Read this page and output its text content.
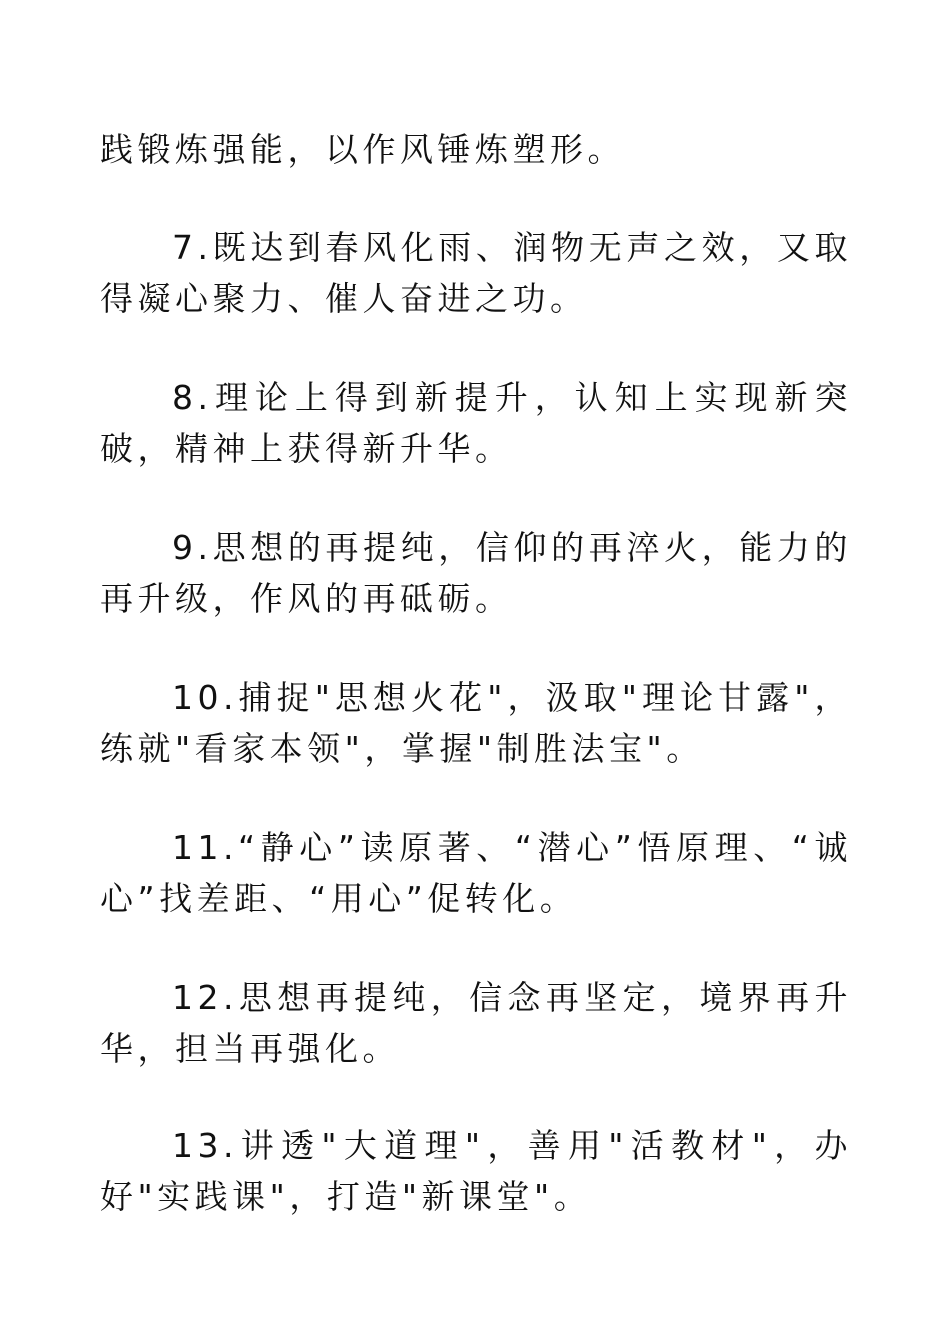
践锻炼强能，以作风锤炼塑形。

7.既达到春风化雨、润物无声之效，又取得凝心聚力、催人奋进之功。

8.理论上得到新提升，认知上实现新突破，精神上获得新升华。

9.思想的再提纯，信仰的再淬火，能力的再升级，作风的再砥砺。

10.捕捉"思想火花"，汲取"理论甘露"，练就"看家本领"，掌握"制胜法宝"。

11.“静心”读原著、“潜心”悟原理、“诚心”找差距、“用心”促转化。

12.思想再提纯，信念再坚定，境界再升华，担当再强化。

13.讲透"大道理"，善用"活教材"，办好"实践课"，打造"新课堂"。
